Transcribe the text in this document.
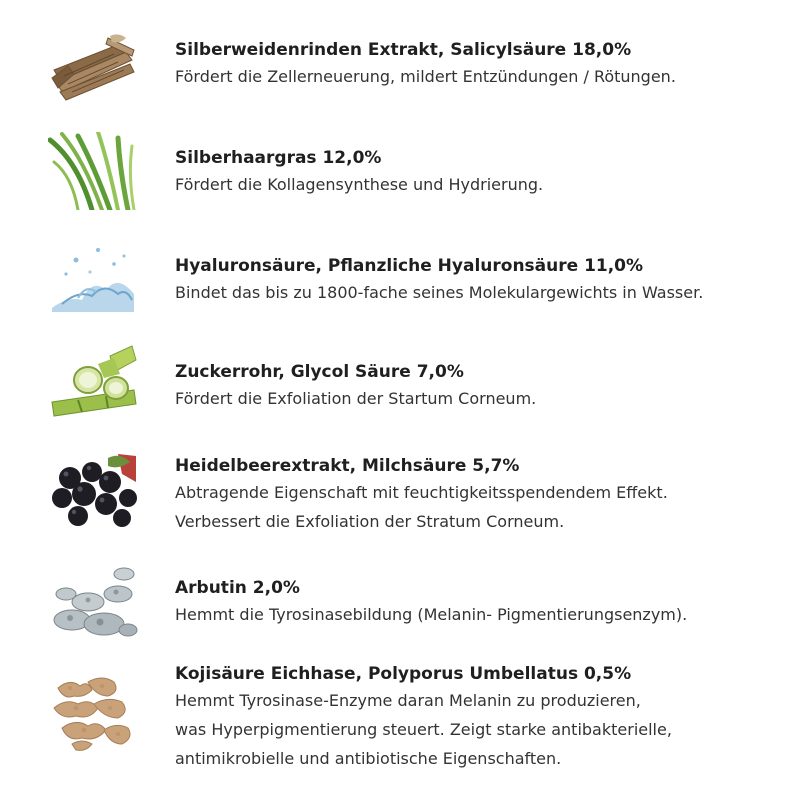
Silberweidenrinden Extrakt, Salicylsäure 18,0%
Fördert die Zellerneuerung, mildert Entzündungen / Rötungen.
Silberhaargras 12,0%
Fördert die Kollagensynthese und Hydrierung.
Hyaluronsäure, Pflanzliche Hyaluronsäure 11,0%
Bindet das bis zu 1800-fache seines Molekulargewichts in Wasser.
Zuckerrohr, Glycol Säure 7,0%
Fördert die Exfoliation der Startum Corneum.
Heidelbeerextrakt, Milchsäure 5,7%
Abtragende Eigenschaft mit feuchtigkeitsspendendem Effekt.
Verbessert die Exfoliation der Stratum Corneum.
Arbutin 2,0%
Hemmt die Tyrosinasebildung (Melanin- Pigmentierungsenzym).
Kojisäure Eichhase, Polyporus Umbellatus 0,5%
Hemmt Tyrosinase-Enzyme daran Melanin zu produzieren,
was Hyperpigmentierung steuert. Zeigt starke antibakterielle,
antimikrobielle und antibiotische Eigenschaften.
